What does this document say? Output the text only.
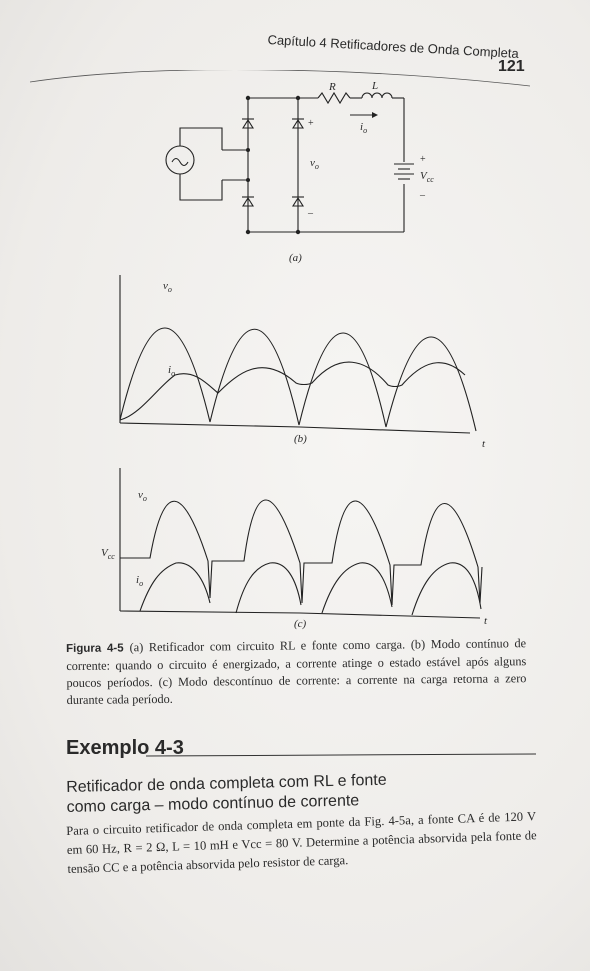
Capítulo 4 Retificadores de Onda Completa
121
R	L
$i_o$
$v_o$
$V_{cc}$
(a)
+
–
+
–
$v_o$
$i_o$
(b)	t
$v_o$
$i_o$
$V_{cc}$
(c)	t
Figura 4-5 (a) Retificador com circuito RL e fonte como carga. (b) Modo contínuo de corrente: quando o circuito é energizado, a corrente atinge o estado estável após alguns poucos períodos. (c) Modo descontínuo de corrente: a corrente na carga retorna a zero durante cada período.
Exemplo 4-3
Retificador de onda completa com RL e fonte como carga – modo contínuo de corrente
Para o circuito retificador de onda completa em ponte da Fig. 4-5a, a fonte CA é de 120 V em 60 Hz, R = 2 Ω, L = 10 mH e Vcc = 80 V. Determine a potência absorvida pela fonte de tensão CC e a potência absorvida pelo resistor de carga.
